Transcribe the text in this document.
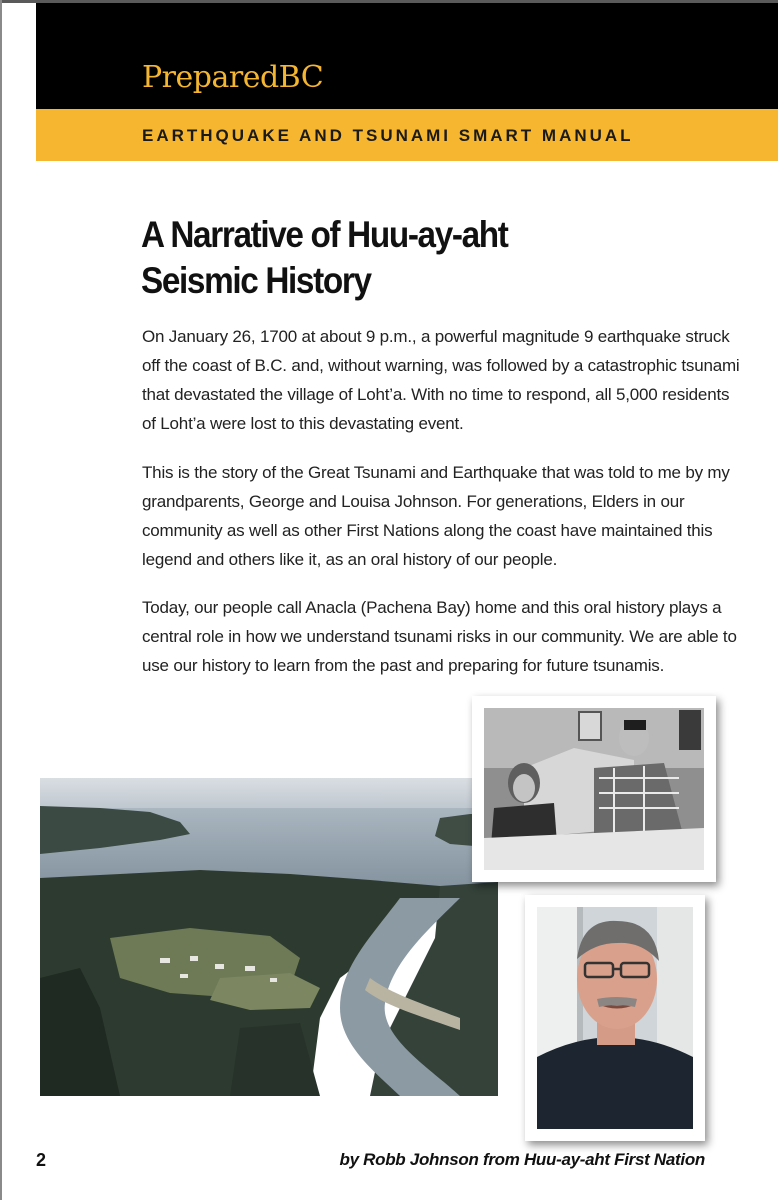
PreparedBC
EARTHQUAKE AND TSUNAMI SMART MANUAL
A Narrative of Huu-ay-aht
Seismic History

On January 26, 1700 at about 9 p.m., a powerful magnitude 9 earthquake struck off the coast of B.C. and, without warning, was followed by a catastrophic tsunami that devastated the village of Loht’a. With no time to respond, all 5,000 residents of Loht’a were lost to this devastating event.

This is the story of the Great Tsunami and Earthquake that was told to me by my grandparents, George and Louisa Johnson. For generations, Elders in our community as well as other First Nations along the coast have maintained this legend and others like it, as an oral history of our people.

Today, our people call Anacla (Pachena Bay) home and this oral history plays a central role in how we understand tsunami risks in our community. We are able to use our history to learn from the past and preparing for future tsunamis.

2	by Robb Johnson from Huu-ay-aht First Nation
